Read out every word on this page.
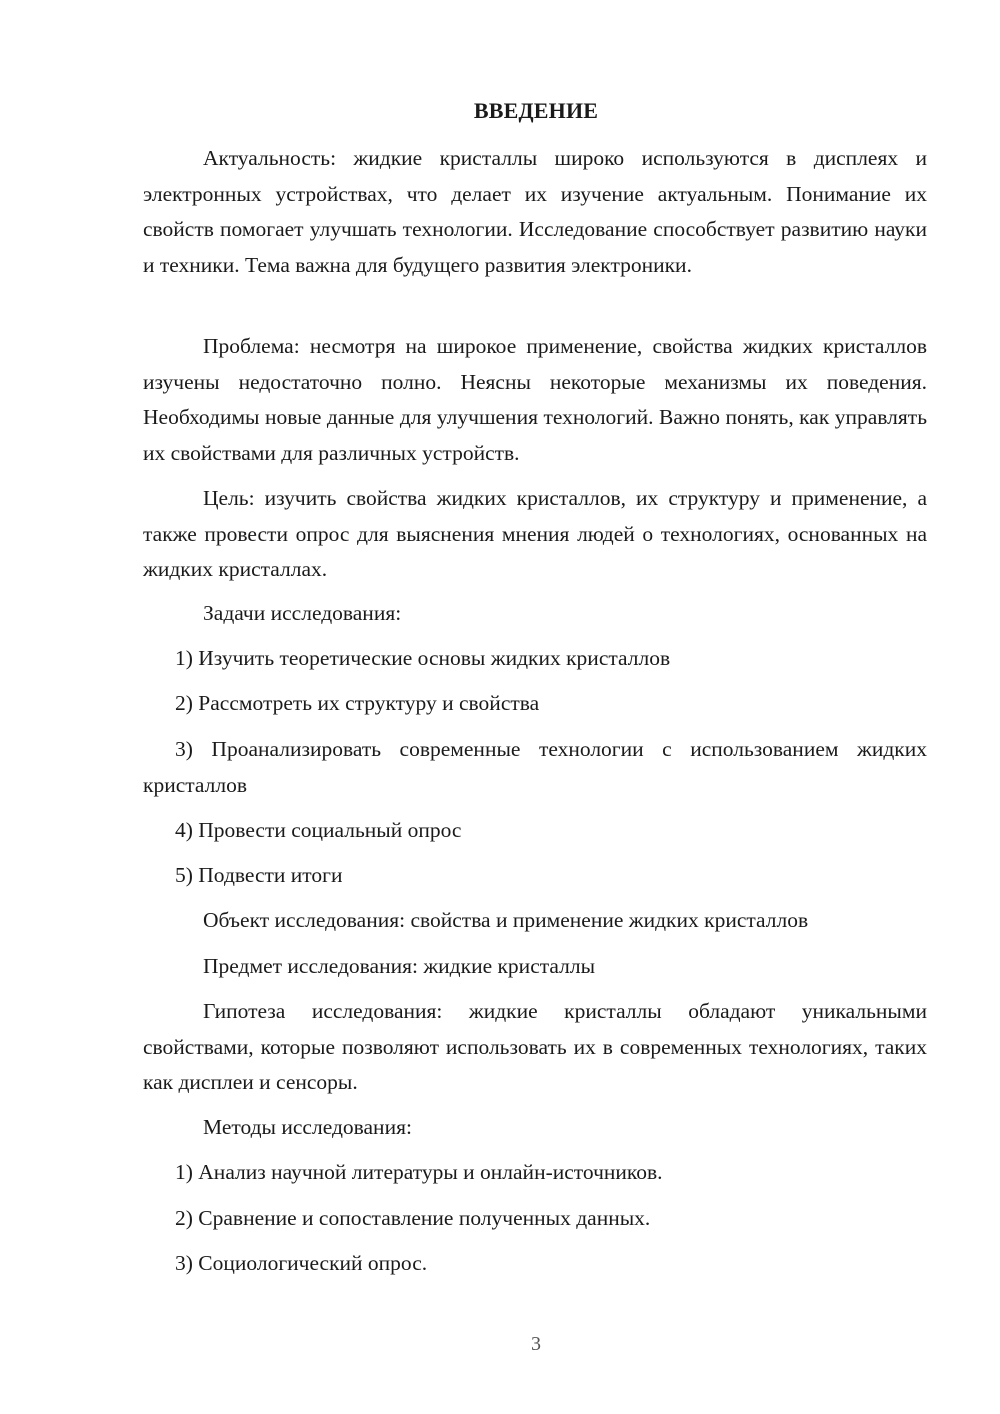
ВВЕДЕНИЕ

Актуальность: жидкие кристаллы широко используются в дисплеях и электронных устройствах, что делает их изучение актуальным. Понимание их свойств помогает улучшать технологии. Исследование способствует развитию науки и техники. Тема важна для будущего развития электроники.

Проблема: несмотря на широкое применение, свойства жидких кристаллов изучены недостаточно полно. Неясны некоторые механизмы их поведения. Необходимы новые данные для улучшения технологий. Важно понять, как управлять их свойствами для различных устройств.

Цель: изучить свойства жидких кристаллов, их структуру и применение, а также провести опрос для выяснения мнения людей о технологиях, основанных на жидких кристаллах.

Задачи исследования:

1) Изучить теоретические основы жидких кристаллов

2) Рассмотреть их структуру и свойства

3) Проанализировать современные технологии с использованием жидких кристаллов

4) Провести социальный опрос

5) Подвести итоги

Объект исследования: свойства и применение жидких кристаллов

Предмет исследования: жидкие кристаллы

Гипотеза исследования: жидкие кристаллы обладают уникальными свойствами, которые позволяют использовать их в современных технологиях, таких как дисплеи и сенсоры.

Методы исследования:

1) Анализ научной литературы и онлайн-источников.

2) Сравнение и сопоставление полученных данных.

3) Социологический опрос.

3
